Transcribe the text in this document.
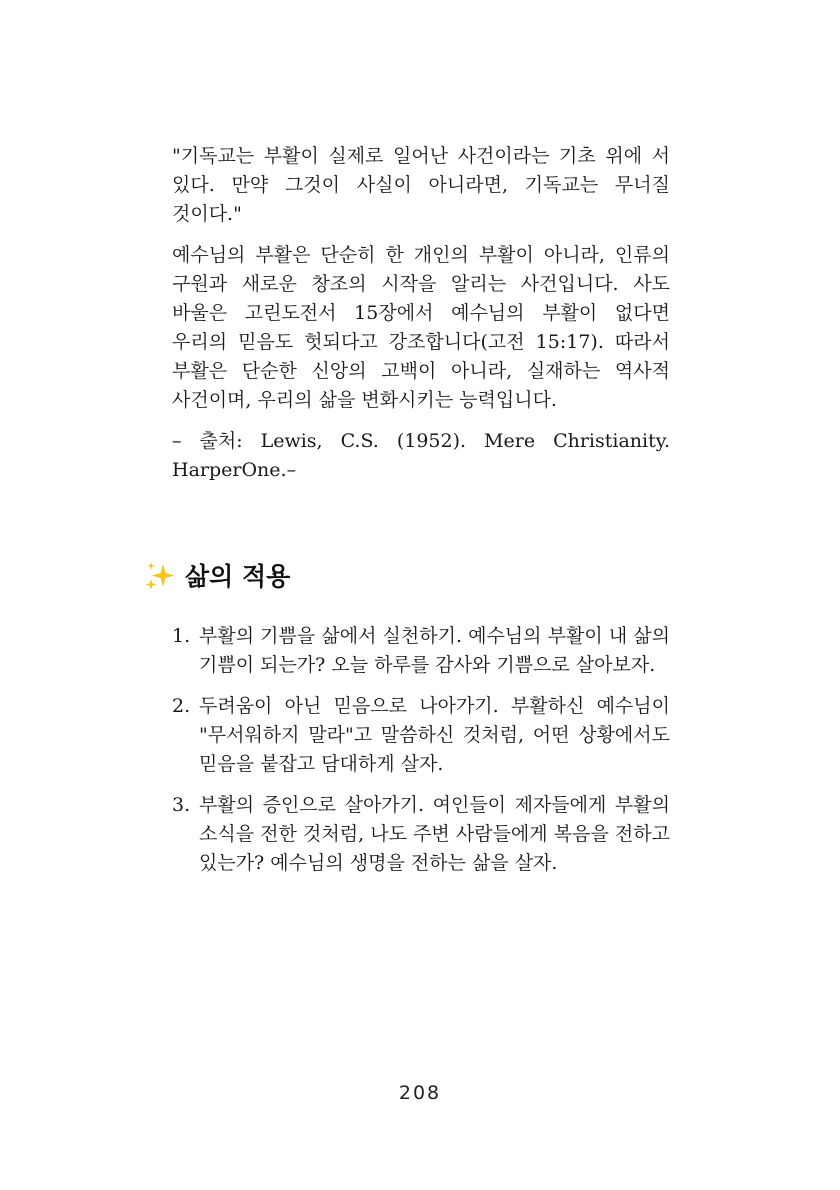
"기독교는 부활이 실제로 일어난 사건이라는 기초 위에 서 있다. 만약 그것이 사실이 아니라면, 기독교는 무너질 것이다."

예수님의 부활은 단순히 한 개인의 부활이 아니라, 인류의 구원과 새로운 창조의 시작을 알리는 사건입니다. 사도 바울은 고린도전서 15장에서 예수님의 부활이 없다면 우리의 믿음도 헛되다고 강조합니다(고전 15:17). 따라서 부활은 단순한 신앙의 고백이 아니라, 실재하는 역사적 사건이며, 우리의 삶을 변화시키는 능력입니다.

– 출처: Lewis, C.S. (1952). Mere Christianity. HarperOne.–

삶의 적용
1. 부활의 기쁨을 삶에서 실천하기. 예수님의 부활이 내 삶의 기쁨이 되는가? 오늘 하루를 감사와 기쁨으로 살아보자.
2. 두려움이 아닌 믿음으로 나아가기. 부활하신 예수님이 "무서워하지 말라"고 말씀하신 것처럼, 어떤 상황에서도 믿음을 붙잡고 담대하게 살자.
3. 부활의 증인으로 살아가기. 여인들이 제자들에게 부활의 소식을 전한 것처럼, 나도 주변 사람들에게 복음을 전하고 있는가? 예수님의 생명을 전하는 삶을 살자.
208
